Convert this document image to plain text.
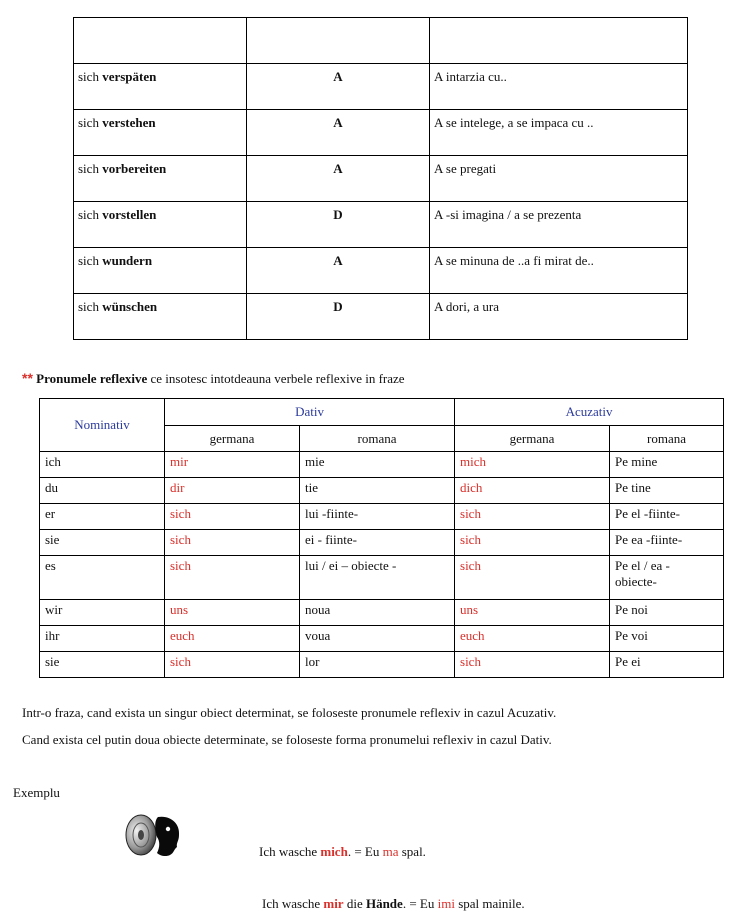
sich verspäten	A	A intarzia cu..
sich verstehen	A	A se intelege, a se impaca cu ..
sich vorbereiten	A	A se pregati
sich vorstellen	D	A -si imagina / a se prezenta
sich wundern	A	A se minuna de ..a fi mirat de..
sich wünschen	D	A dori, a ura
** Pronumele reflexive ce insotesc intotdeauna verbele reflexive in fraze
Nominativ	Dativ		Acuzativ	
	germana	romana	germana	romana
ich	mir	mie	mich	Pe mine
du	dir	tie	dich	Pe tine
er	sich	lui -fiinte-	sich	Pe el -fiinte-
sie	sich	ei - fiinte-	sich	Pe ea -fiinte-
es	sich	lui / ei – obiecte -	sich	Pe el / ea -
obiecte-
wir	uns	noua	uns	Pe noi
ihr	euch	voua	euch	Pe voi
sie	sich	lor	sich	Pe ei
Intr-o fraza, cand exista un singur obiect determinat, se foloseste pronumele reflexiv in cazul Acuzativ.
Cand exista cel putin doua obiecte determinate, se foloseste forma pronumelui reflexiv in cazul Dativ.
Exemplu
Ich wasche mich. = Eu ma spal.
Ich wasche mir die Hände. = Eu imi spal mainile.
